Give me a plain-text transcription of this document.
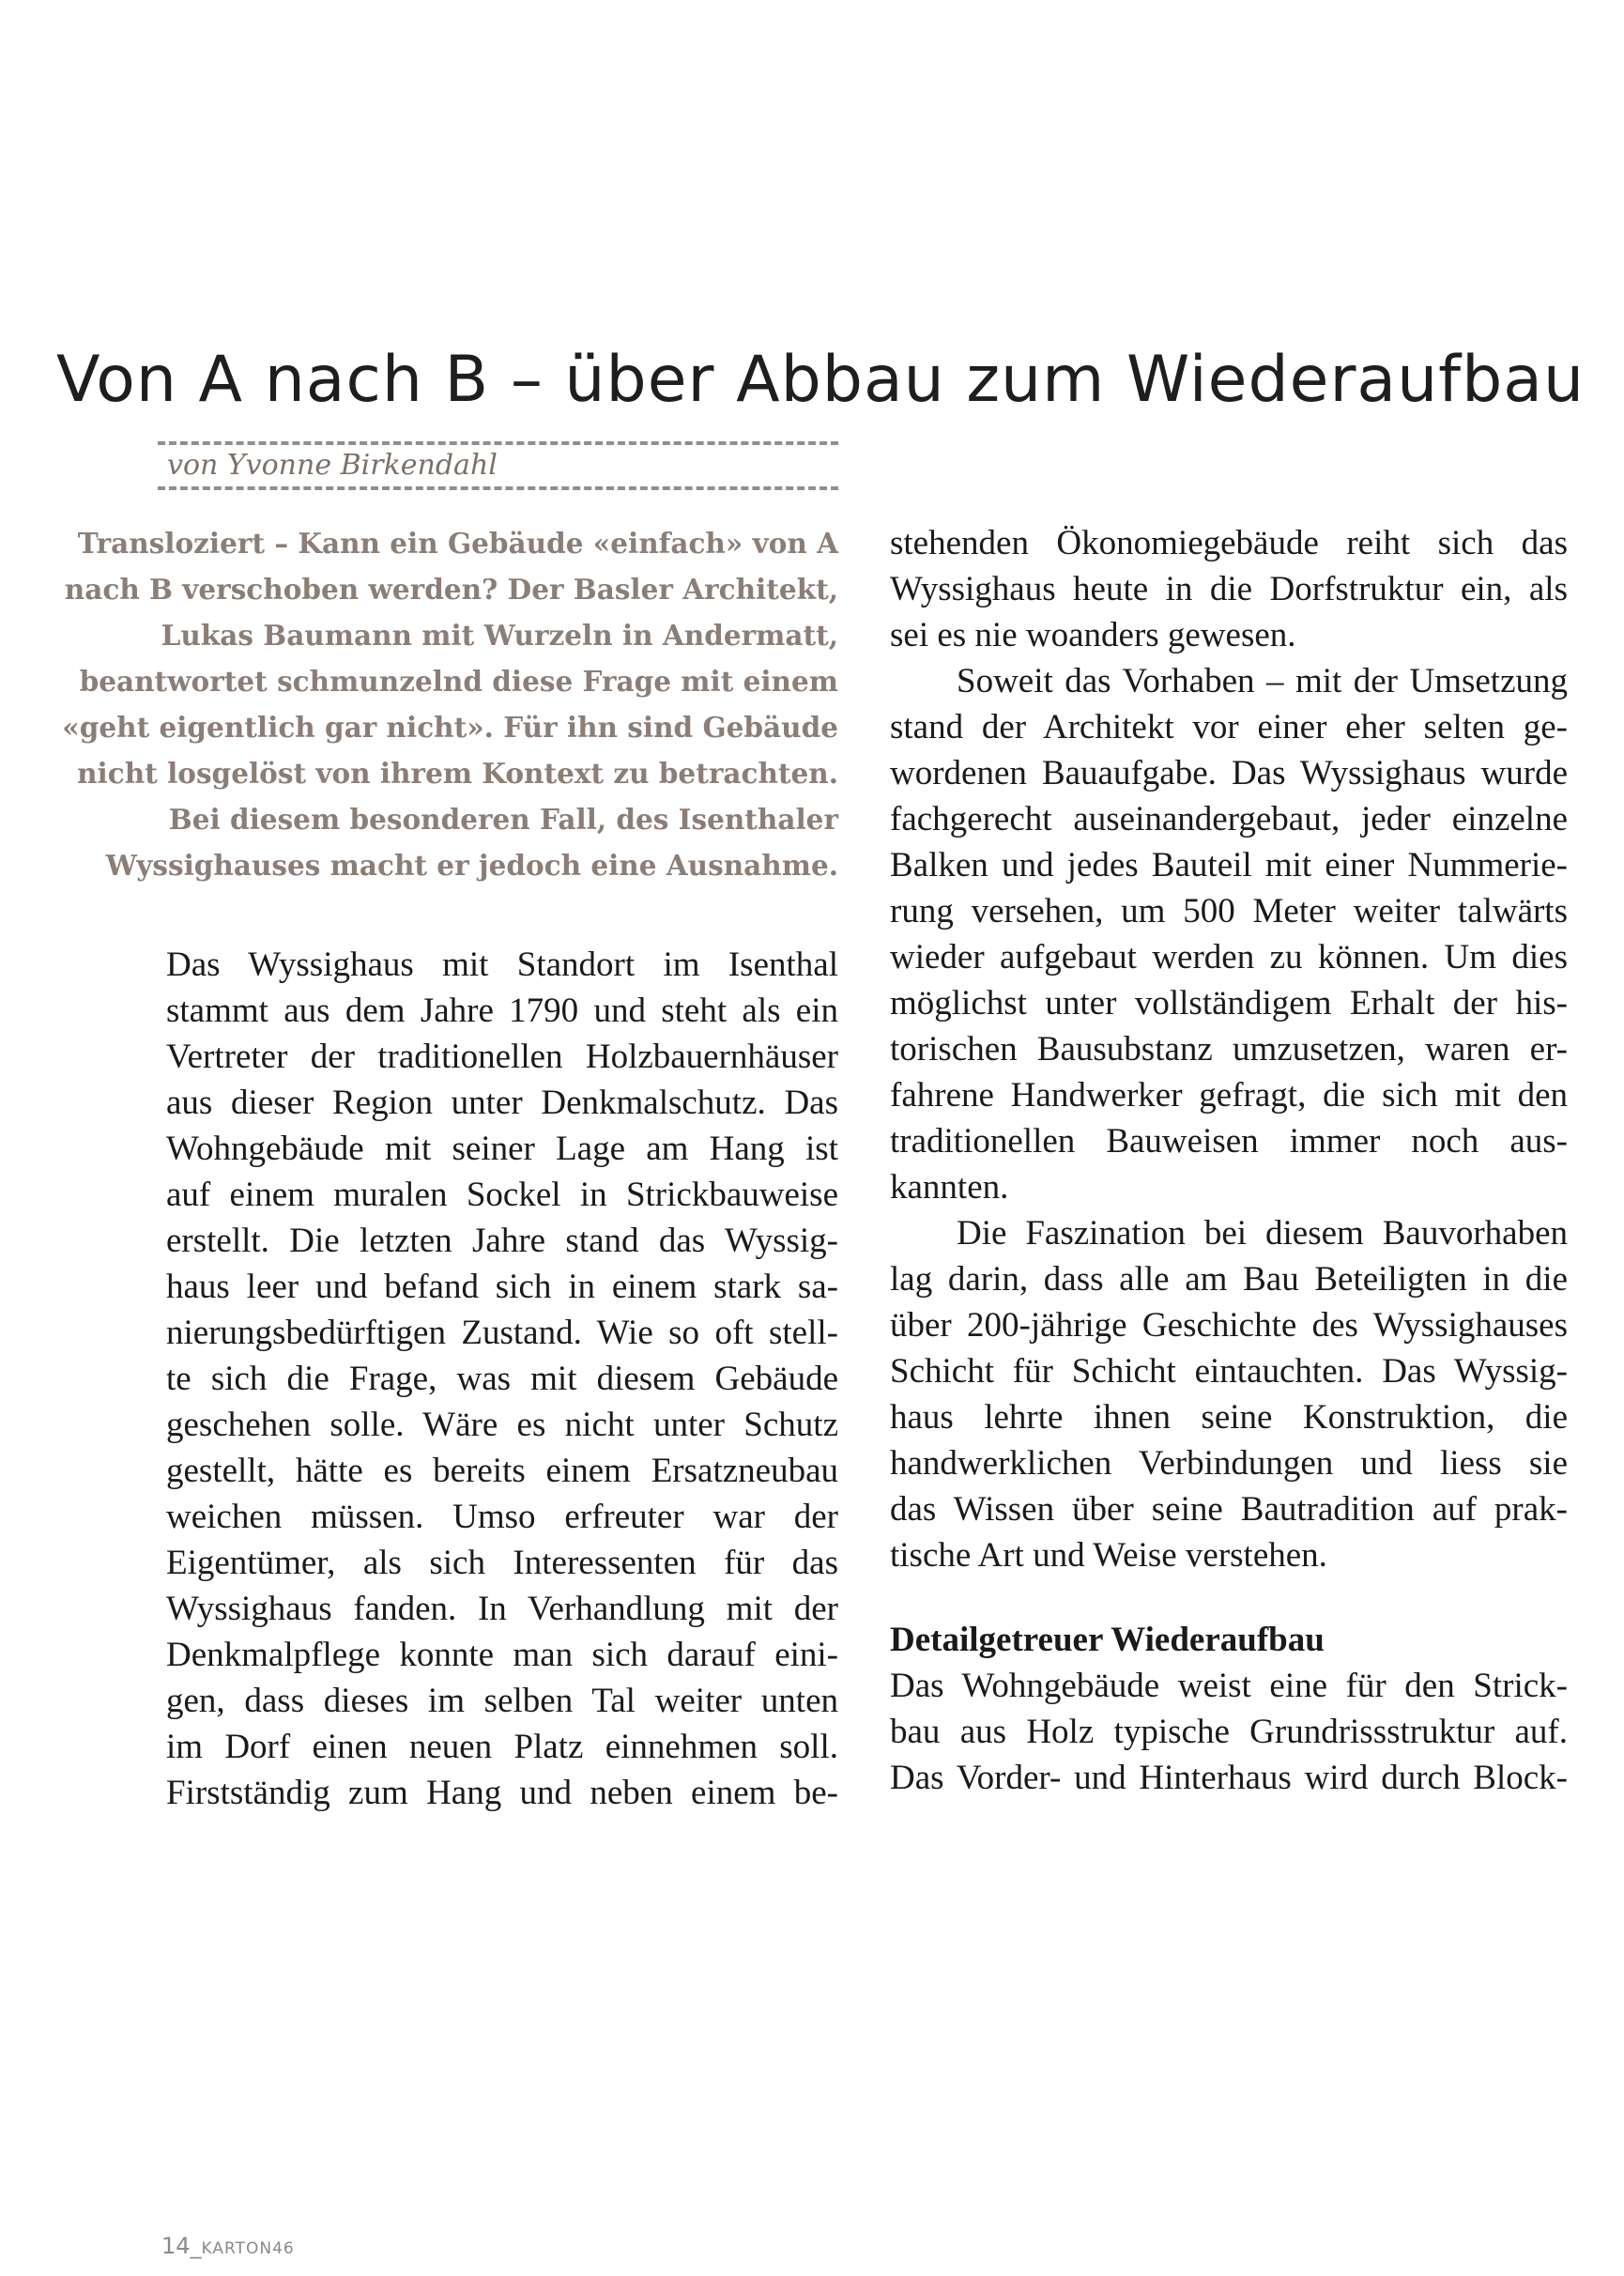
Von A nach B – über Abbau zum Wiederaufbau
von Yvonne Birkendahl
Transloziert – Kann ein Gebäude «einfach» von A
nach B verschoben werden? Der Basler Architekt,
Lukas Baumann mit Wurzeln in Andermatt,
beantwortet schmunzelnd diese Frage mit einem
«geht eigentlich gar nicht». Für ihn sind Gebäude
nicht losgelöst von ihrem Kontext zu betrachten.
Bei diesem besonderen Fall, des Isenthaler
Wyssighauses macht er jedoch eine Ausnahme.
Das Wyssighaus mit Standort im Isenthal
stammt aus dem Jahre 1790 und steht als ein
Vertreter der traditionellen Holzbauernhäuser
aus dieser Region unter Denkmalschutz. Das
Wohngebäude mit seiner Lage am Hang ist
auf einem muralen Sockel in Strickbauweise
erstellt. Die letzten Jahre stand das Wyssig-
haus leer und befand sich in einem stark sa-
nierungsbedürftigen Zustand. Wie so oft stell-
te sich die Frage, was mit diesem Gebäude
geschehen solle. Wäre es nicht unter Schutz
gestellt, hätte es bereits einem Ersatzneubau
weichen müssen. Umso erfreuter war der
Eigentümer, als sich Interessenten für das
Wyssighaus fanden. In Verhandlung mit der
Denkmalpflege konnte man sich darauf eini-
gen, dass dieses im selben Tal weiter unten
im Dorf einen neuen Platz einnehmen soll.
Firstständig zum Hang und neben einem be-
stehenden Ökonomiegebäude reiht sich das
Wyssighaus heute in die Dorfstruktur ein, als
sei es nie woanders gewesen.
Soweit das Vorhaben – mit der Umsetzung
stand der Architekt vor einer eher selten ge-
wordenen Bauaufgabe. Das Wyssighaus wurde
fachgerecht auseinandergebaut, jeder einzelne
Balken und jedes Bauteil mit einer Nummerie-
rung versehen, um 500 Meter weiter talwärts
wieder aufgebaut werden zu können. Um dies
möglichst unter vollständigem Erhalt der his-
torischen Bausubstanz umzusetzen, waren er-
fahrene Handwerker gefragt, die sich mit den
traditionellen Bauweisen immer noch aus-
kannten.
Die Faszination bei diesem Bauvorhaben
lag darin, dass alle am Bau Beteiligten in die
über 200-jährige Geschichte des Wyssighauses
Schicht für Schicht eintauchten. Das Wyssig-
haus lehrte ihnen seine Konstruktion, die
handwerklichen Verbindungen und liess sie
das Wissen über seine Bautradition auf prak-
tische Art und Weise verstehen.
Detailgetreuer Wiederaufbau
Das Wohngebäude weist eine für den Strick-
bau aus Holz typische Grundrissstruktur auf.
Das Vorder- und Hinterhaus wird durch Block-
14_KARTON46
